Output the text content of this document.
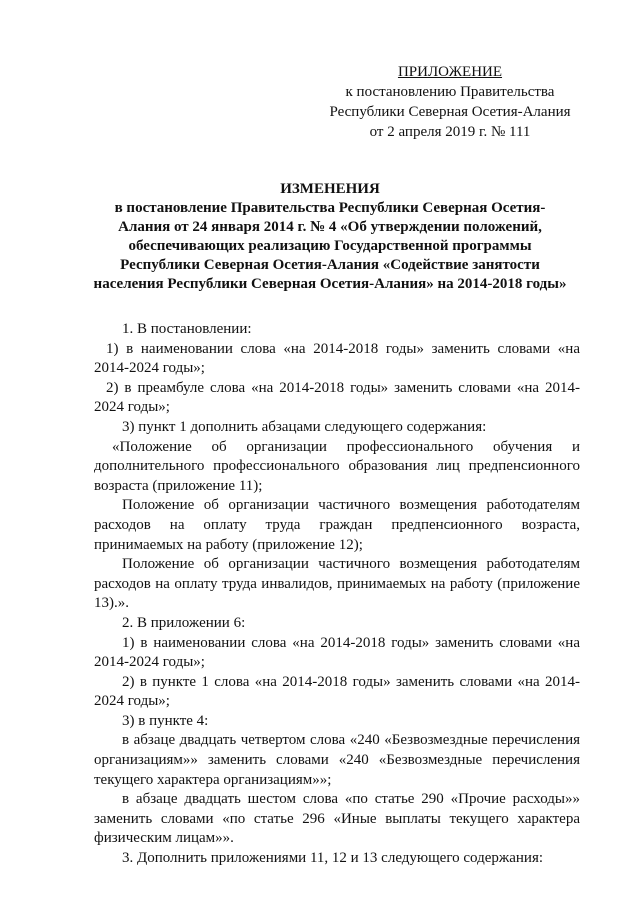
ПРИЛОЖЕНИЕ
к постановлению Правительства
Республики Северная Осетия-Алания
от 2 апреля 2019 г. № 111
ИЗМЕНЕНИЯ
в постановление Правительства Республики Северная Осетия-
Алания от 24 января 2014 г. № 4 «Об утверждении положений,
обеспечивающих реализацию Государственной программы
Республики Северная Осетия-Алания «Содействие занятости
населения Республики Северная Осетия-Алания» на 2014-2018 годы»

1. В постановлении:

1) в наименовании слова «на 2014-2018 годы» заменить словами «на 2014-2024 годы»;

2) в преамбуле слова «на 2014-2018 годы» заменить словами «на 2014-2024 годы»;

3) пункт 1 дополнить абзацами следующего содержания:

«Положение об организации профессионального обучения и дополнительного профессионального образования лиц предпенсионного возраста (приложение 11);

Положение об организации частичного возмещения работодателям расходов на оплату труда граждан предпенсионного возраста, принимаемых на работу (приложение 12);

Положение об организации частичного возмещения работодателям расходов на оплату труда инвалидов, принимаемых на работу (приложение 13).».

2. В приложении 6:

1) в наименовании слова «на 2014-2018 годы» заменить словами «на 2014-2024 годы»;

2) в пункте 1 слова «на 2014-2018 годы» заменить словами «на 2014-2024 годы»;

3) в пункте 4:

в абзаце двадцать четвертом слова «240 «Безвозмездные перечисления организациям»» заменить словами «240 «Безвозмездные перечисления текущего характера организациям»»;

в абзаце двадцать шестом слова «по статье 290 «Прочие расходы»» заменить словами «по статье 296 «Иные выплаты текущего характера физическим лицам»».

3. Дополнить приложениями 11, 12 и 13 следующего содержания:
